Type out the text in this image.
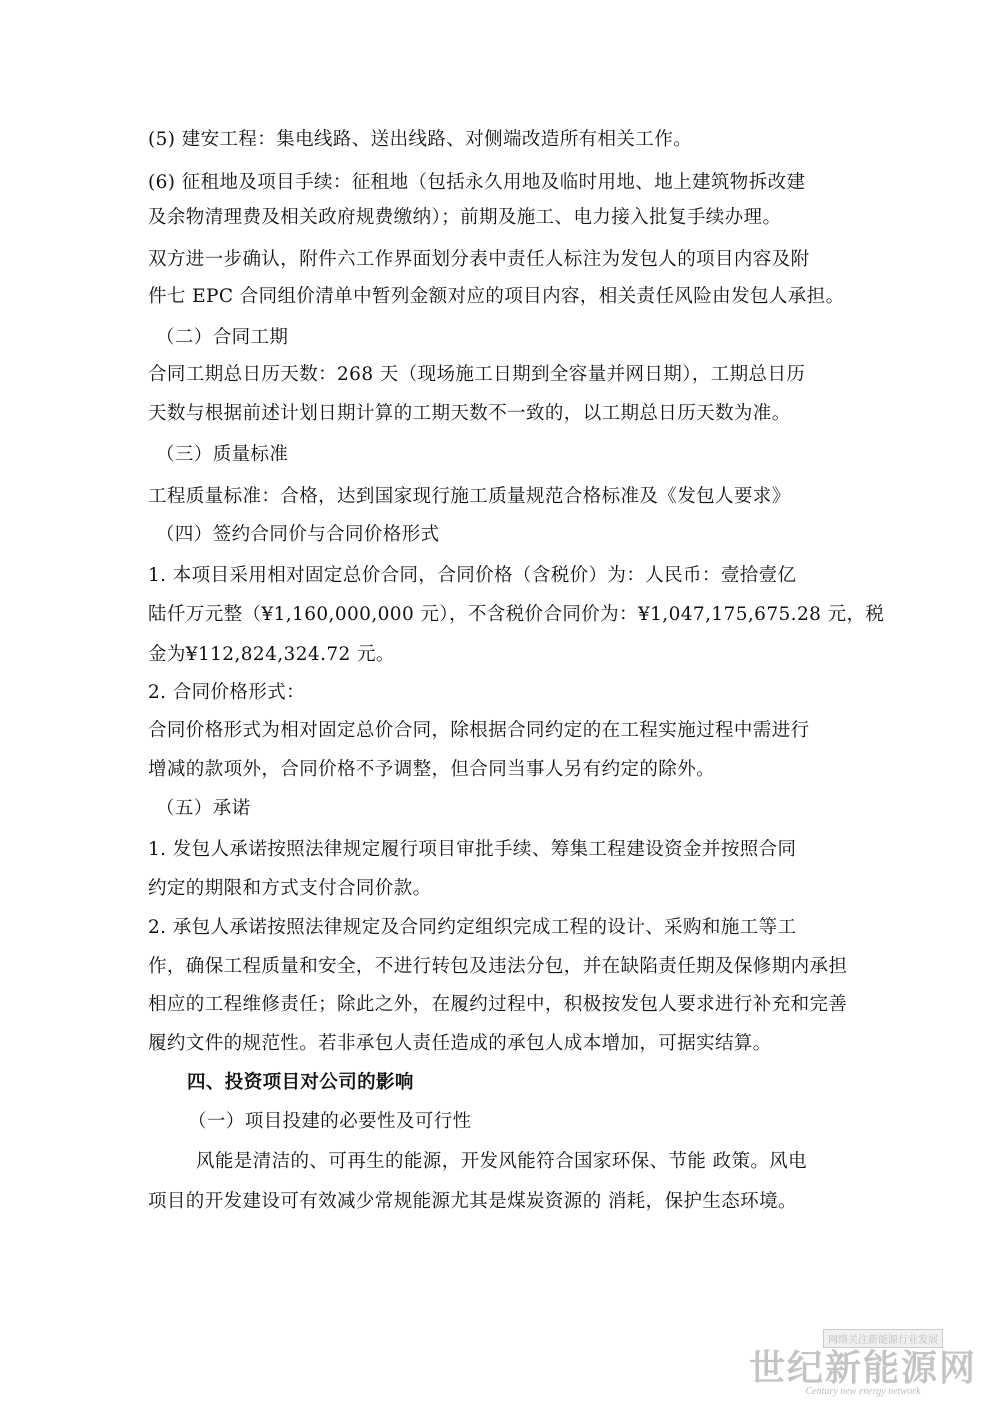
(5) 建安工程：集电线路、送出线路、对侧端改造所有相关工作。
(6) 征租地及项目手续：征租地（包括永久用地及临时用地、地上建筑物拆改建
及余物清理费及相关政府规费缴纳）；前期及施工、电力接入批复手续办理。
双方进一步确认，附件六工作界面划分表中责任人标注为发包人的项目内容及附
件七 EPC 合同组价清单中暂列金额对应的项目内容，相关责任风险由发包人承担。
（二）合同工期
合同工期总日历天数：268 天（现场施工日期到全容量并网日期），工期总日历
天数与根据前述计划日期计算的工期天数不一致的，以工期总日历天数为准。
（三）质量标准
工程质量标准：合格，达到国家现行施工质量规范合格标准及《发包人要求》
（四）签约合同价与合同价格形式
1. 本项目采用相对固定总价合同，合同价格（含税价）为：人民币：壹拾壹亿
陆仟万元整（¥1,160,000,000 元），不含税价合同价为：¥1,047,175,675.28 元，税
金为¥112,824,324.72 元。
2. 合同价格形式：
合同价格形式为相对固定总价合同，除根据合同约定的在工程实施过程中需进行
增减的款项外，合同价格不予调整，但合同当事人另有约定的除外。
（五）承诺
1. 发包人承诺按照法律规定履行项目审批手续、筹集工程建设资金并按照合同
约定的期限和方式支付合同价款。
2. 承包人承诺按照法律规定及合同约定组织完成工程的设计、采购和施工等工
作，确保工程质量和安全，不进行转包及违法分包，并在缺陷责任期及保修期内承担
相应的工程维修责任；除此之外，在履约过程中，积极按发包人要求进行补充和完善
履约文件的规范性。若非承包人责任造成的承包人成本增加，可据实结算。
四、投资项目对公司的影响
（一）项目投建的必要性及可行性
风能是清洁的、可再生的能源，开发风能符合国家环保、节能 政策。风电
项目的开发建设可有效减少常规能源尤其是煤炭资源的 消耗，保护生态环境。
网络关注新能源行业发展
世纪新能源网
Century new energy network
